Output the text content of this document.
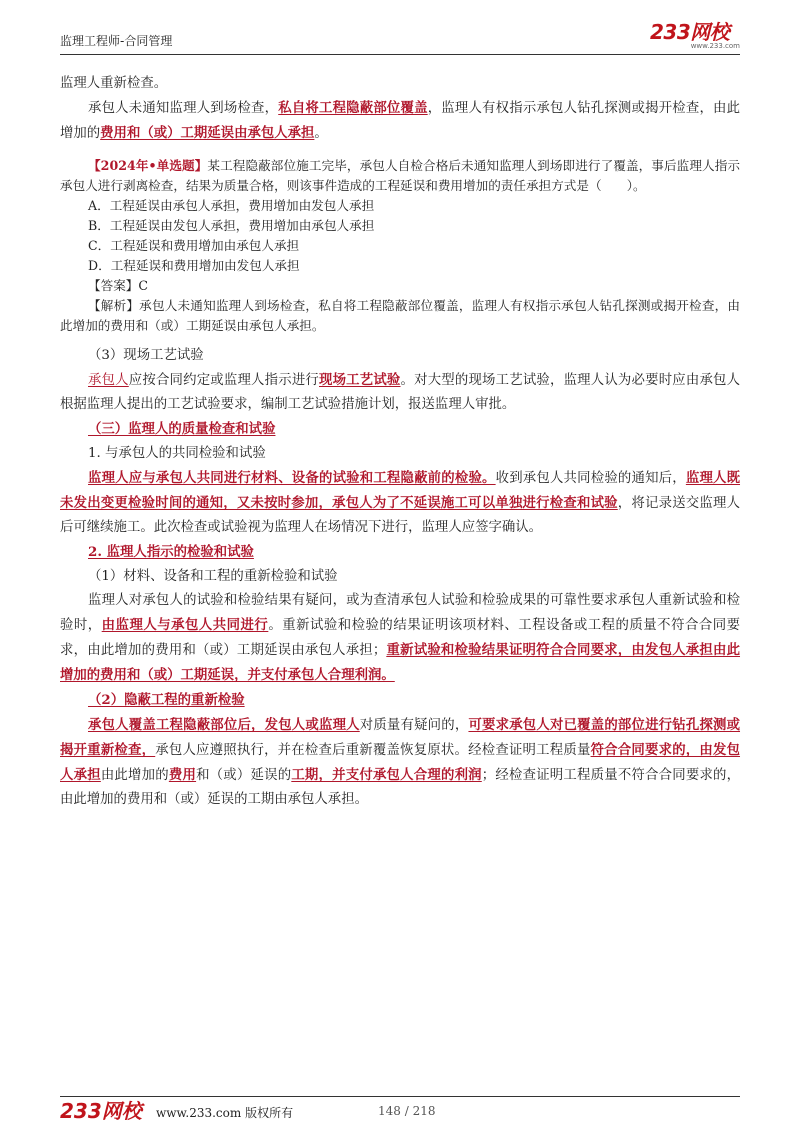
监理工程师-合同管理	233网校
www.233.com

监理人重新检查。

承包人未通知监理人到场检查，私自将工程隐蔽部位覆盖，监理人有权指示承包人钻孔探测或揭开检查，由此增加的费用和（或）工期延误由承包人承担。

【2024年•单选题】某工程隐蔽部位施工完毕，承包人自检合格后未通知监理人到场即进行了覆盖，事后监理人指示承包人进行剥离检查，结果为质量合格，则该事件造成的工程延误和费用增加的责任承担方式是（　　）。

A．工程延误由承包人承担，费用增加由发包人承担
B．工程延误由发包人承担，费用增加由承包人承担
C．工程延误和费用增加由承包人承担
D．工程延误和费用增加由发包人承担
【答案】C

【解析】承包人未通知监理人到场检查，私自将工程隐蔽部位覆盖，监理人有权指示承包人钻孔探测或揭开检查，由此增加的费用和（或）工期延误由承包人承担。

（3）现场工艺试验

承包人应按合同约定或监理人指示进行现场工艺试验。对大型的现场工艺试验，监理人认为必要时应由承包人根据监理人提出的工艺试验要求，编制工艺试验措施计划，报送监理人审批。

（三）监理人的质量检查和试验

1. 与承包人的共同检验和试验

监理人应与承包人共同进行材料、设备的试验和工程隐蔽前的检验。收到承包人共同检验的通知后，监理人既未发出变更检验时间的通知，又未按时参加，承包人为了不延误施工可以单独进行检查和试验，将记录送交监理人后可继续施工。此次检查或试验视为监理人在场情况下进行，监理人应签字确认。

2. 监理人指示的检验和试验

（1）材料、设备和工程的重新检验和试验

监理人对承包人的试验和检验结果有疑问，或为查清承包人试验和检验成果的可靠性要求承包人重新试验和检验时，由监理人与承包人共同进行。重新试验和检验的结果证明该项材料、工程设备或工程的质量不符合合同要求，由此增加的费用和（或）工期延误由承包人承担；重新试验和检验结果证明符合合同要求，由发包人承担由此增加的费用和（或）工期延误，并支付承包人合理利润。

（2）隐蔽工程的重新检验

承包人覆盖工程隐蔽部位后，发包人或监理人对质量有疑问的，可要求承包人对已覆盖的部位进行钻孔探测或揭开重新检查，承包人应遵照执行，并在检查后重新覆盖恢复原状。经检查证明工程质量符合合同要求的，由发包人承担由此增加的费用和（或）延误的工期，并支付承包人合理的利润；经检查证明工程质量不符合合同要求的，由此增加的费用和（或）延误的工期由承包人承担。

233网校 www.233.com 版权所有	148 / 218
